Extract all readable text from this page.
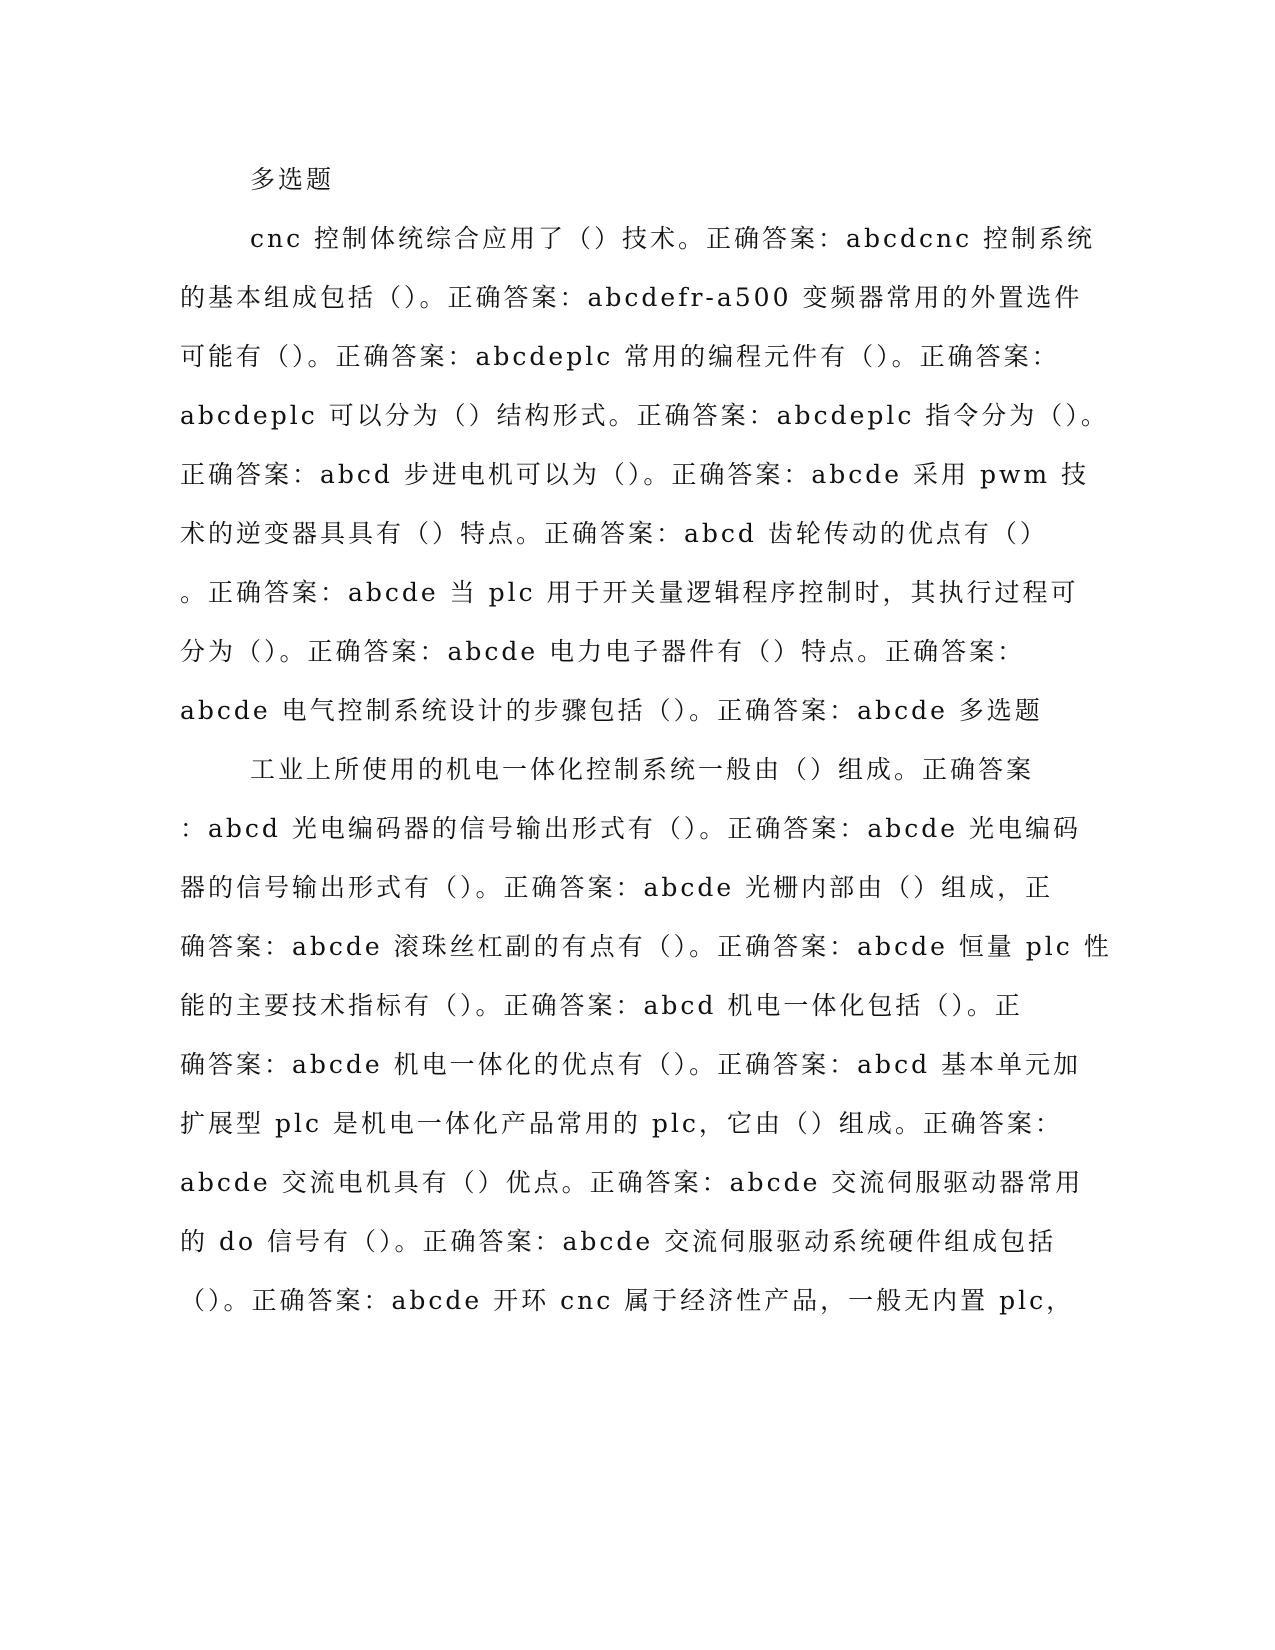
多选题
cnc 控制体统综合应用了（）技术。正确答案：abcdcnc 控制系统
的基本组成包括（）。正确答案：abcdefr-a500 变频器常用的外置选件
可能有（）。正确答案：abcdeplc 常用的编程元件有（）。正确答案：
abcdeplc 可以分为（）结构形式。正确答案：abcdeplc 指令分为（）。
正确答案：abcd 步进电机可以为（）。正确答案：abcde 采用 pwm 技
术的逆变器具具有（）特点。正确答案：abcd 齿轮传动的优点有（）
。正确答案：abcde 当 plc 用于开关量逻辑程序控制时，其执行过程可
分为（）。正确答案：abcde 电力电子器件有（）特点。正确答案：
abcde 电气控制系统设计的步骤包括（）。正确答案：abcde 多选题
工业上所使用的机电一体化控制系统一般由（）组成。正确答案
：abcd 光电编码器的信号输出形式有（）。正确答案：abcde 光电编码
器的信号输出形式有（）。正确答案：abcde 光栅内部由（）组成，正
确答案：abcde 滚珠丝杠副的有点有（）。正确答案：abcde 恒量 plc 性
能的主要技术指标有（）。正确答案：abcd 机电一体化包括（）。正
确答案：abcde 机电一体化的优点有（）。正确答案：abcd 基本单元加
扩展型 plc 是机电一体化产品常用的 plc，它由（）组成。正确答案：
abcde 交流电机具有（）优点。正确答案：abcde 交流伺服驱动器常用
的 do 信号有（）。正确答案：abcde 交流伺服驱动系统硬件组成包括
（）。正确答案：abcde 开环 cnc 属于经济性产品，一般无内置 plc，
